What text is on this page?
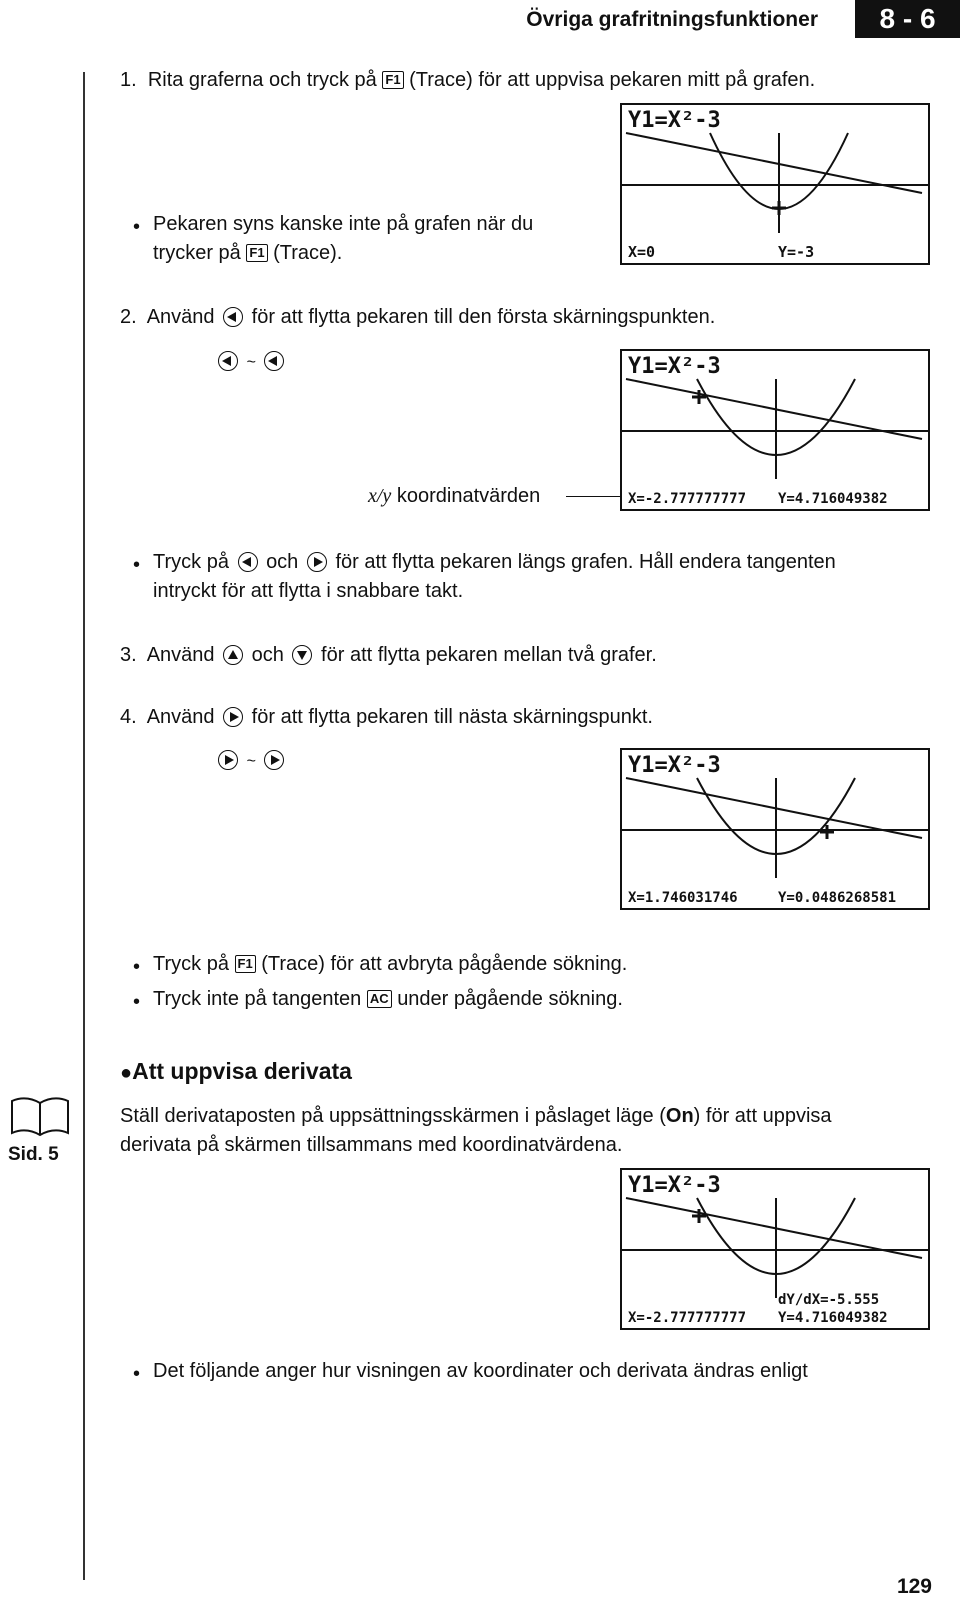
Övriga grafritningsfunktioner	8 - 6
1. Rita graferna och tryck på F1 (Trace) för att uppvisa pekaren mitt på grafen.
Y1=X²-3
X=0	Y=-3
• Pekaren syns kanske inte på grafen när du
trycker på F1 (Trace).
2. Använd för att flytta pekaren till den första skärningspunkten.
~	Y1=X²-3
X=-2.777777777 Y=4.716049382
x/y koordinatvärden
• Tryck på och för att flytta pekaren längs grafen. Håll endera tangenten
intryckt för att flytta i snabbare takt.
3. Använd och för att flytta pekaren mellan två grafer.
4. Använd för att flytta pekaren till nästa skärningspunkt.
~	Y1=X²-3
X=1.746031746	Y=0.0486268581
• Tryck på F1 (Trace) för att avbryta pågående sökning.
• Tryck inte på tangenten AC under pågående sökning.
Sid. 5
●Att uppvisa derivata
Ställ derivataposten på uppsättningsskärmen i påslaget läge (On) för att uppvisa
derivata på skärmen tillsammans med koordinatvärdena.
Y1=X²-3
dY/dX=-5.555
X=-2.777777777 Y=4.716049382
• Det följande anger hur visningen av koordinater och derivata ändras enligt
129
